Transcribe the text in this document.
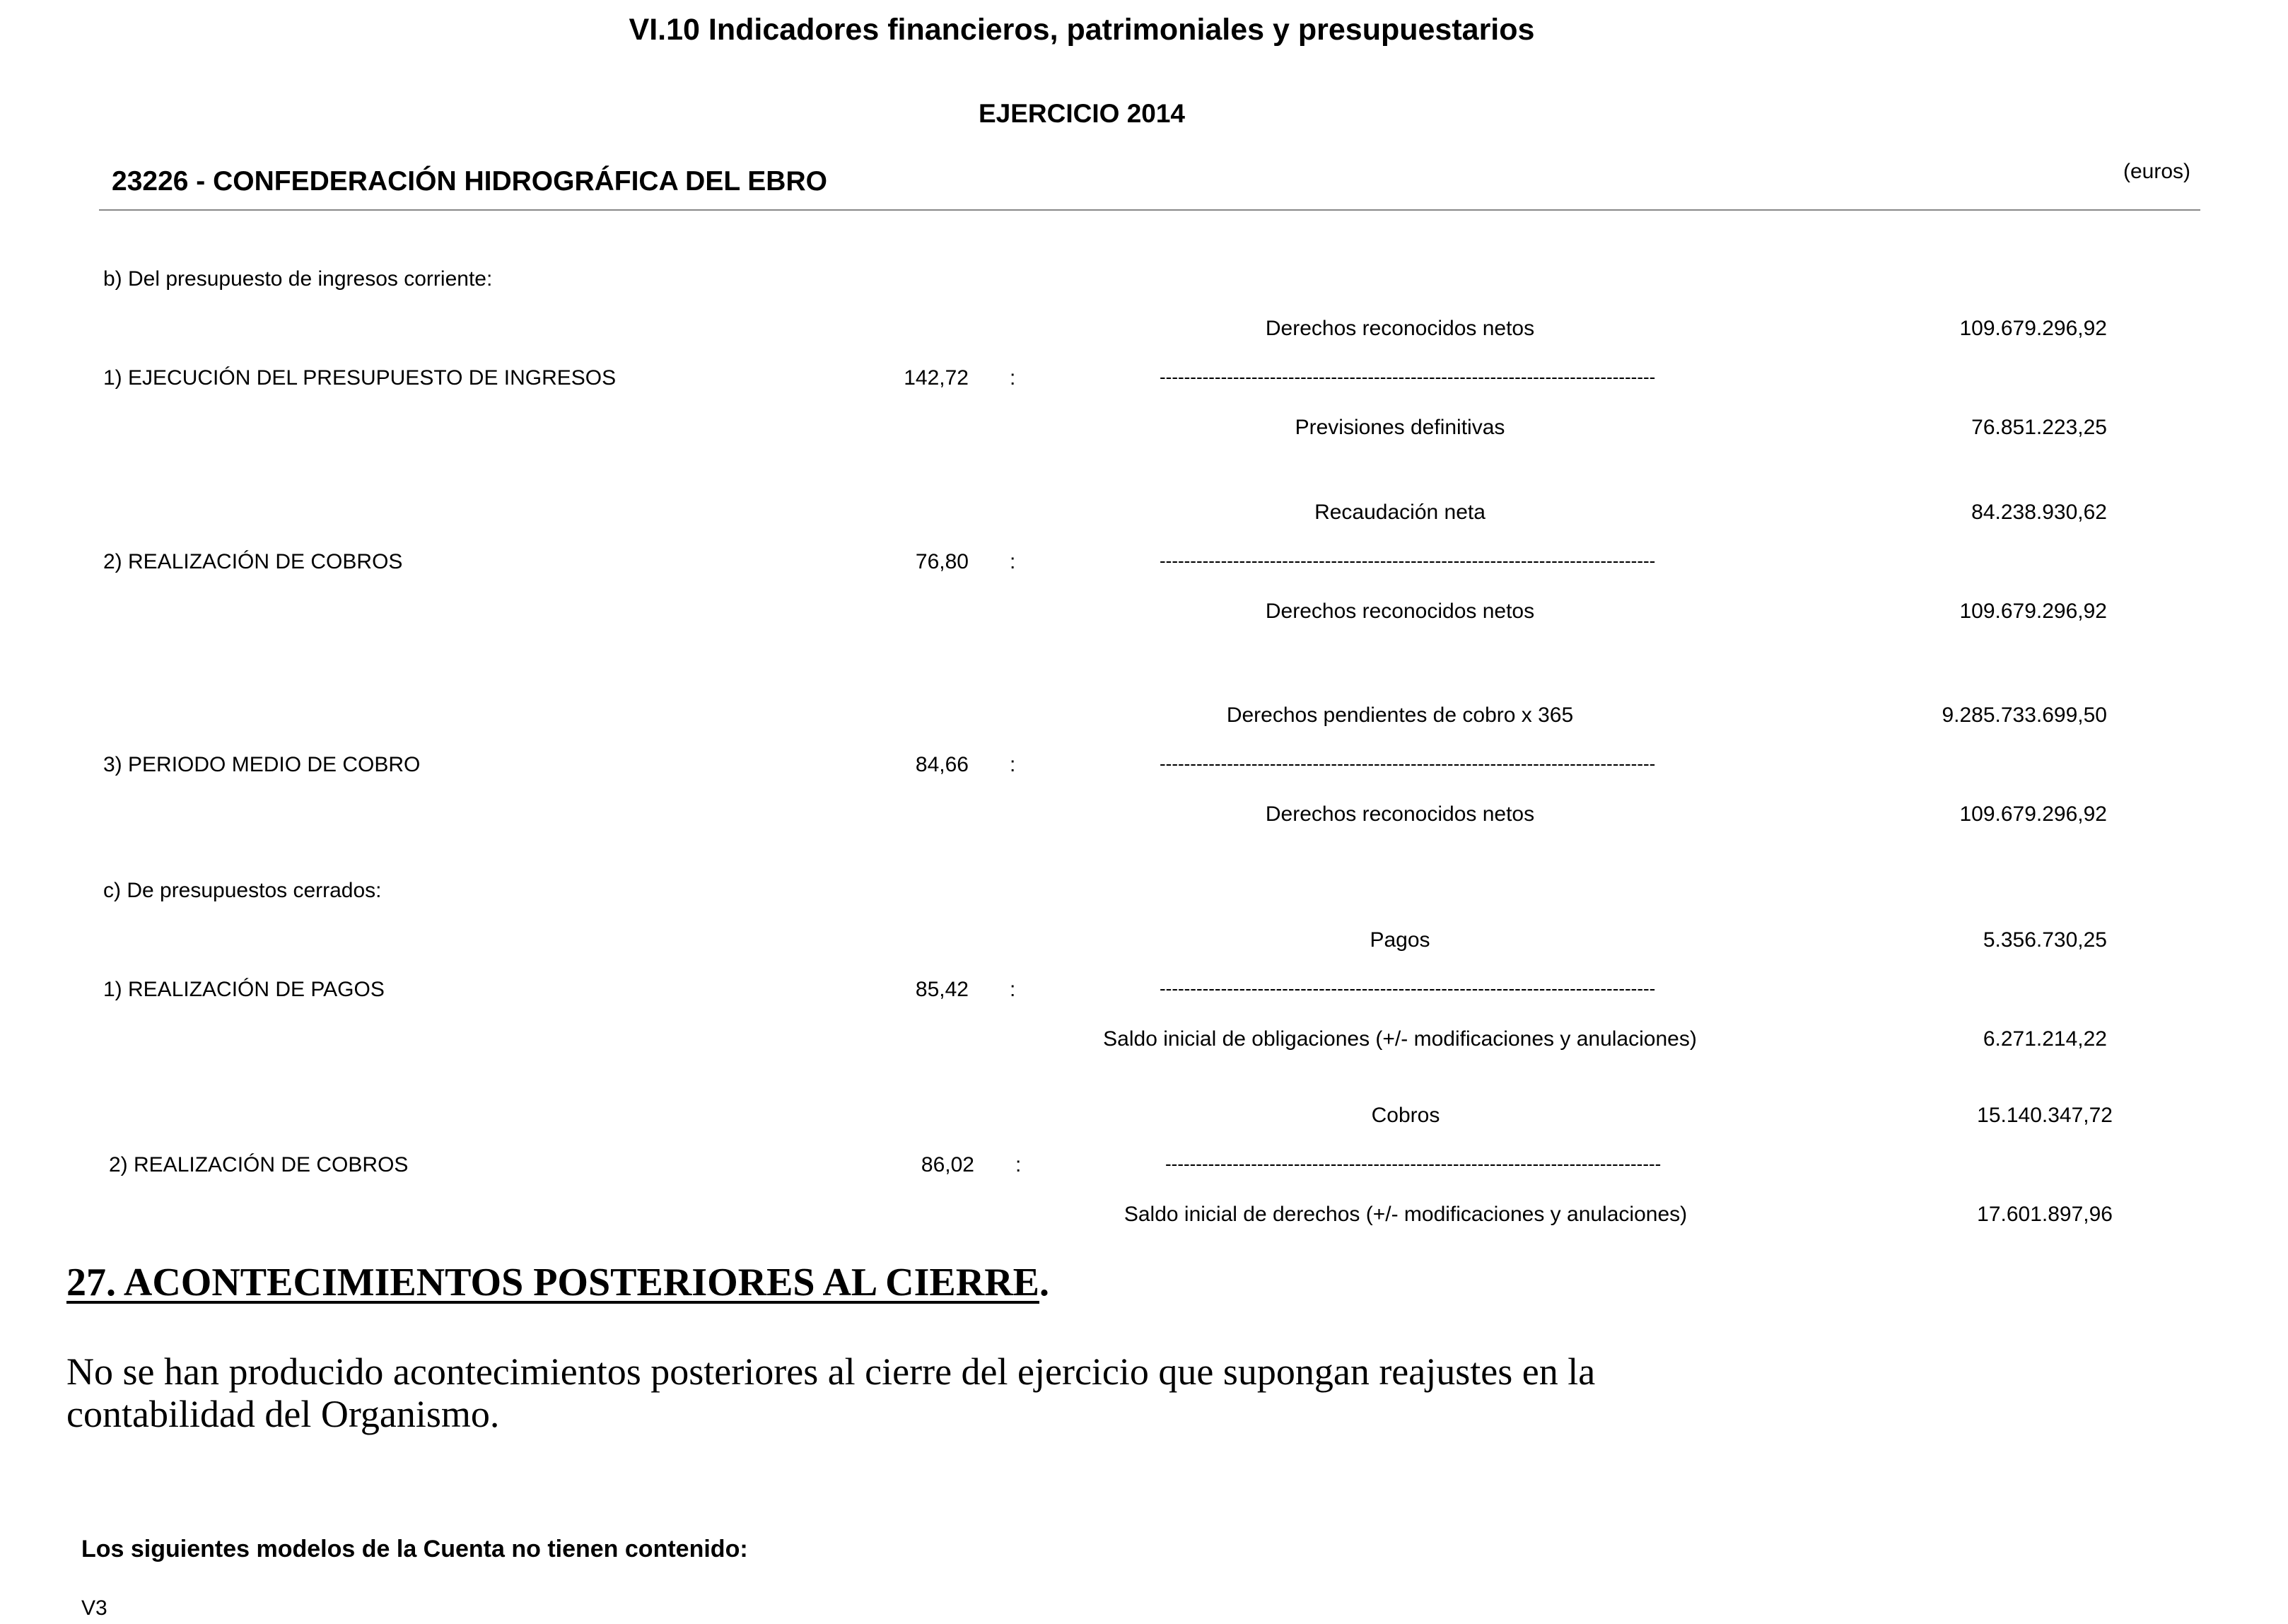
VI.10 Indicadores financieros, patrimoniales y presupuestarios
EJERCICIO 2014
23226 - CONFEDERACIÓN HIDROGRÁFICA DEL EBRO	(euros)
b) Del presupuesto de ingresos corriente:
Derechos reconocidos netos	109.679.296,92
1) EJECUCIÓN DEL PRESUPUESTO DE INGRESOS	142,72 :	---------------------------------------------------------------------------------
Previsiones definitivas	76.851.223,25
Recaudación neta	84.238.930,62
2) REALIZACIÓN DE COBROS	76,80 :	---------------------------------------------------------------------------------
Derechos reconocidos netos	109.679.296,92
Derechos pendientes de cobro x 365	9.285.733.699,50
3) PERIODO MEDIO DE COBRO	84,66 :	---------------------------------------------------------------------------------
Derechos reconocidos netos	109.679.296,92
c) De presupuestos cerrados:
Pagos	5.356.730,25
1) REALIZACIÓN DE PAGOS	85,42 :	---------------------------------------------------------------------------------
Saldo inicial de obligaciones (+/- modificaciones y anulaciones)	6.271.214,22
Cobros	15.140.347,72
2) REALIZACIÓN DE COBROS	86,02 :	---------------------------------------------------------------------------------
Saldo inicial de derechos (+/- modificaciones y anulaciones)	17.601.897,96
27. ACONTECIMIENTOS POSTERIORES AL CIERRE.
No se han producido acontecimientos posteriores al cierre del ejercicio que supongan reajustes en la contabilidad del Organismo.
Los siguientes modelos de la Cuenta no tienen contenido:
V3
